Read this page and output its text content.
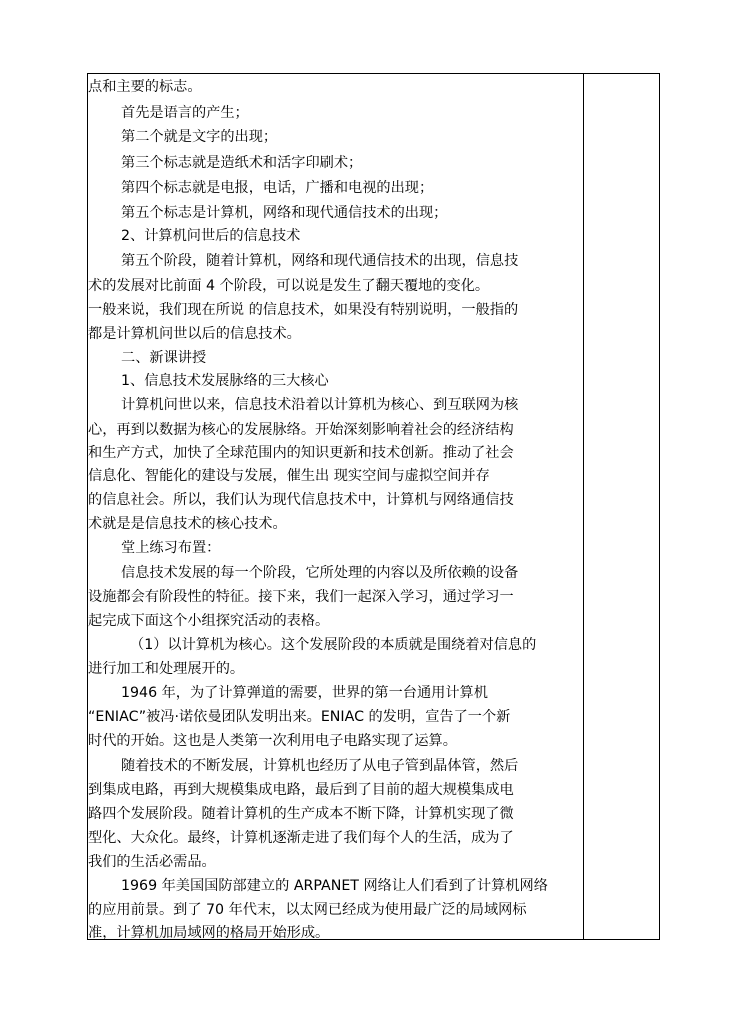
点和主要的标志。
首先是语言的产生；
第二个就是文字的出现；
第三个标志就是造纸术和活字印刷术；
第四个标志就是电报，电话，广播和电视的出现；
第五个标志是计算机，网络和现代通信技术的出现；
2、计算机问世后的信息技术
第五个阶段，随着计算机，网络和现代通信技术的出现，信息技
术的发展对比前面 4 个阶段，可以说是发生了翻天覆地的变化。
一般来说，我们现在所说 的信息技术，如果没有特别说明，一般指的
都是计算机问世以后的信息技术。
二、新课讲授
1、信息技术发展脉络的三大核心
计算机问世以来，信息技术沿着以计算机为核心、到互联网为核
心，再到以数据为核心的发展脉络。开始深刻影响着社会的经济结构
和生产方式，加快了全球范围内的知识更新和技术创新。推动了社会
信息化、智能化的建设与发展，催生出 现实空间与虚拟空间并存
的信息社会。所以，我们认为现代信息技术中，计算机与网络通信技
术就是是信息技术的核心技术。
堂上练习布置：
信息技术发展的每一个阶段，它所处理的内容以及所依赖的设备
设施都会有阶段性的特征。接下来，我们一起深入学习，通过学习一
起完成下面这个小组探究活动的表格。
（1）以计算机为核心。这个发展阶段的本质就是围绕着对信息的
进行加工和处理展开的。
1946 年，为了计算弹道的需要，世界的第一台通用计算机
“ENIAC”被冯·诺依曼团队发明出来。ENIAC 的发明，宣告了一个新
时代的开始。这也是人类第一次利用电子电路实现了运算。
随着技术的不断发展，计算机也经历了从电子管到晶体管，然后
到集成电路，再到大规模集成电路，最后到了目前的超大规模集成电
路四个发展阶段。随着计算机的生产成本不断下降，计算机实现了微
型化、大众化。最终，计算机逐渐走进了我们每个人的生活，成为了
我们的生活必需品。
1969 年美国国防部建立的 ARPANET 网络让人们看到了计算机网络
的应用前景。到了 70 年代末，以太网已经成为使用最广泛的局域网标
准，计算机加局域网的格局开始形成。
